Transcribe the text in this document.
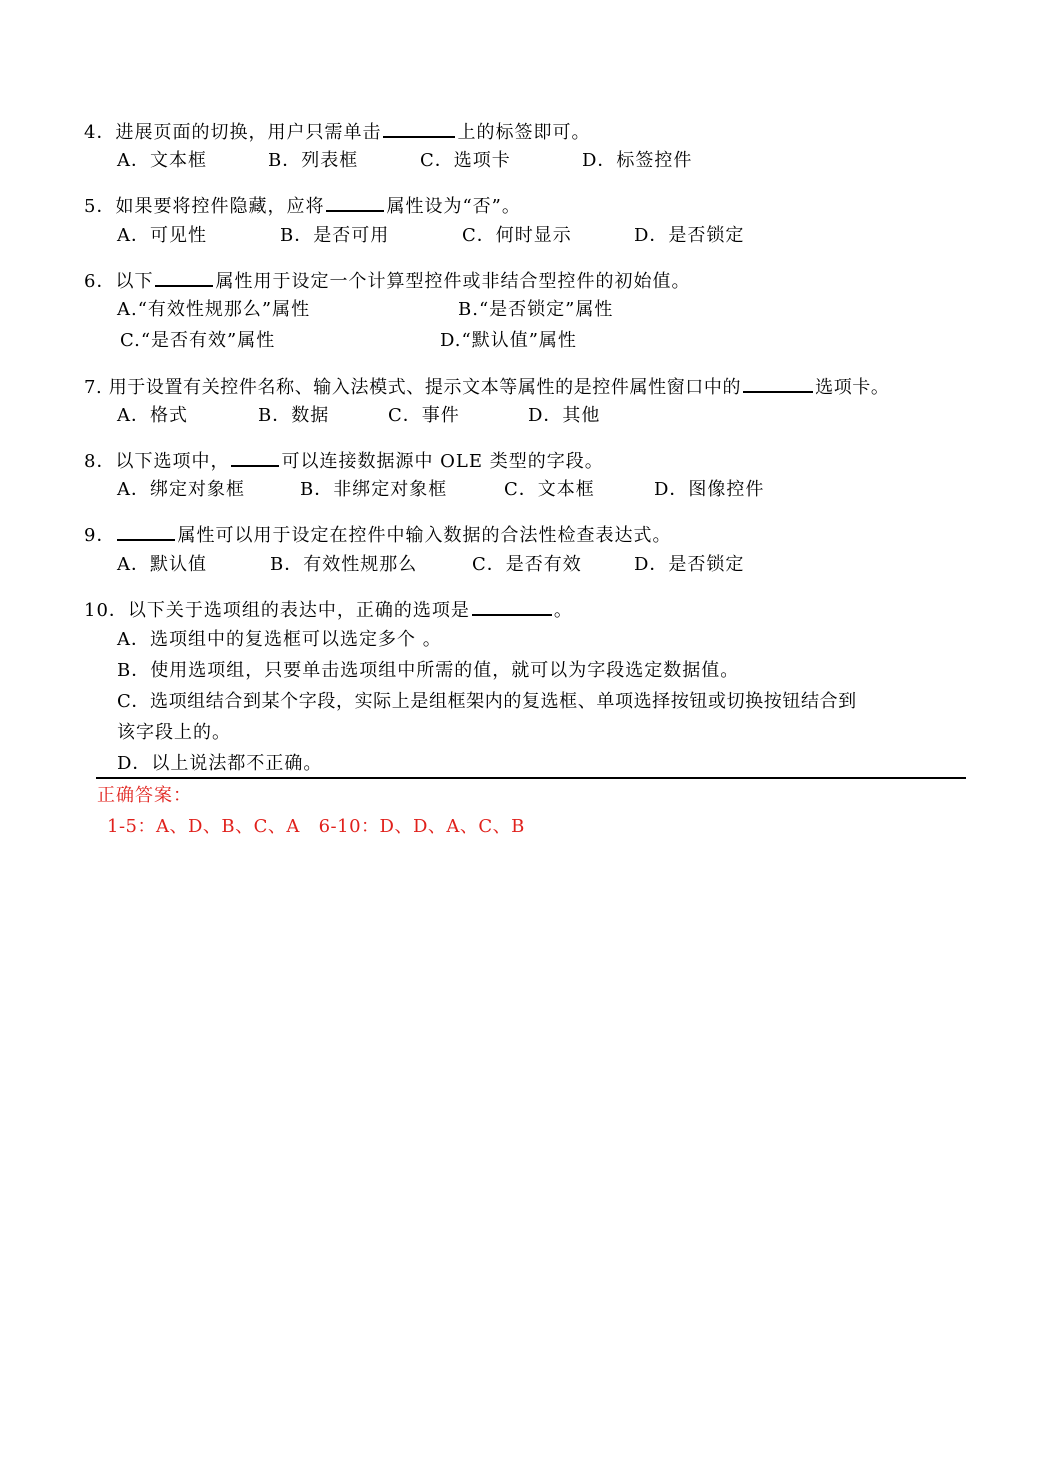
4．进展页面的切换，用户只需单击	上的标签即可。
A．文本框	B．列表框	C．选项卡	D．标签控件
5．如果要将控件隐藏，应将	属性设为“否”。
A．可见性	B．是否可用	C．何时显示	D．是否锁定
6．以下	属性用于设定一个计算型控件或非结合型控件的初始值。
A.“有效性规那么”属性	B.“是否锁定”属性
C.“是否有效”属性	D.“默认值”属性
7. 用于设置有关控件名称、输入法模式、提示文本等属性的是控件属性窗口中的	选项卡。
A．格式	B．数据	C．事件	D．其他
8．以下选项中，	可以连接数据源中 OLE 类型的字段。
A．绑定对象框	B．非绑定对象框	C．文本框	D．图像控件
9．	属性可以用于设定在控件中输入数据的合法性检查表达式。
A．默认值	B．有效性规那么	C．是否有效	D．是否锁定
10．以下关于选项组的表达中，正确的选项是	。
A．选项组中的复选框可以选定多个 。
B．使用选项组，只要单击选项组中所需的值，就可以为字段选定数据值。
C．选项组结合到某个字段，实际上是组框架内的复选框、单项选择按钮或切换按钮结合到
该字段上的。
D．以上说法都不正确。
正确答案：
1-5：A、D、B、C、A   6-10：D、D、A、C、B
